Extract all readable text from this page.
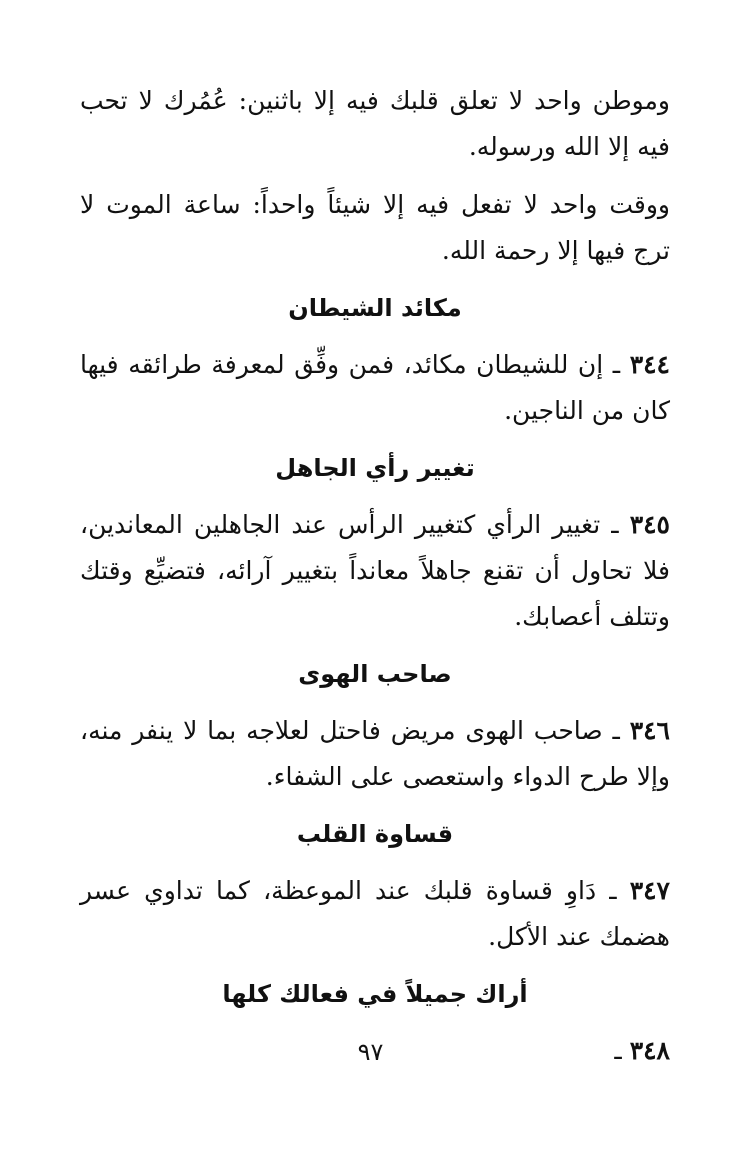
وموطن واحد لا تعلق قلبك فيه إلا باثنين: عُمُرك لا تحب فيه إلا الله ورسوله.

ووقت واحد لا تفعل فيه إلا شيئاً واحداً: ساعة الموت لا ترج فيها إلا رحمة الله.

مكائد الشيطان

٣٤٤ ـ إن للشيطان مكائد، فمن وفِّق لمعرفة طرائقه فيها كان من الناجين.

تغيير رأي الجاهل

٣٤٥ ـ تغيير الرأي كتغيير الرأس عند الجاهلين المعاندين، فلا تحاول أن تقنع جاهلاً معانداً بتغيير آرائه، فتضيِّع وقتك وتتلف أعصابك.

صاحب الهوى

٣٤٦ ـ صاحب الهوى مريض فاحتل لعلاجه بما لا ينفر منه، وإلا طرح الدواء واستعصى على الشفاء.

قساوة القلب

٣٤٧ ـ دَاوِ قساوة قلبك عند الموعظة، كما تداوي عسر هضمك عند الأكل.

أراك جميلاً في فعالك كلها

٣٤٨ ـ

٩٧
